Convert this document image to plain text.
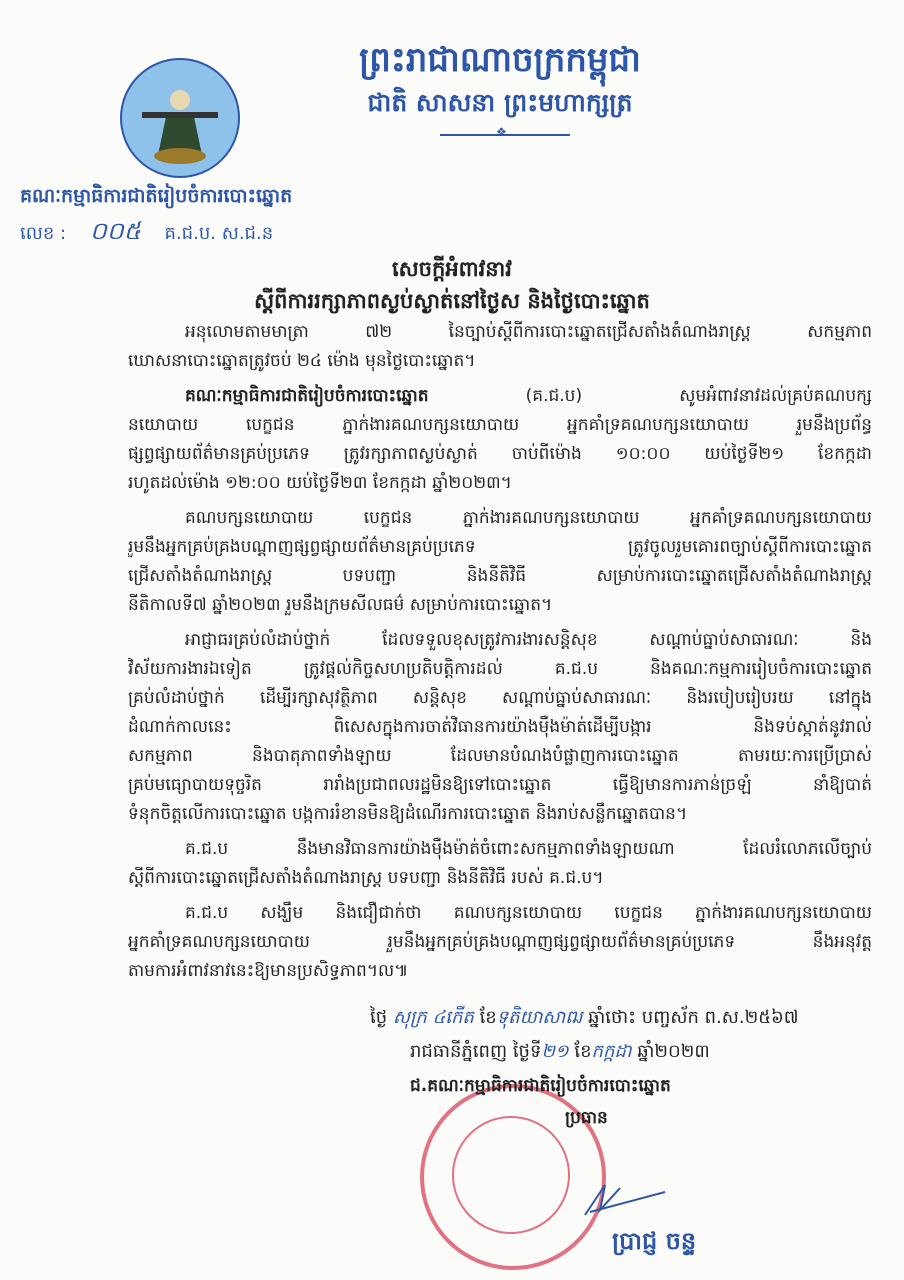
ព្រះរាជាណាចក្រកម្ពុជា
ជាតិ សាសនា ព្រះមហាក្សត្រ
❖
គណៈកម្មាធិការជាតិរៀបចំការបោះឆ្នោត
លេខ : ០០៥ គ.ជ.ប. ស.ជ.ន
សេចក្តីអំពាវនាវ
ស្តីពីការរក្សាភាពស្ងប់ស្ងាត់នៅថ្ងៃស និងថ្ងៃបោះឆ្នោត
អនុលោមតាមមាត្រា ៧២ នៃច្បាប់ស្តីពីការបោះឆ្នោតជ្រើសតាំងតំណាងរាស្ត្រ សកម្មភាព
ឃោសនាបោះឆ្នោតត្រូវចប់ ២៤ ម៉ោង មុនថ្ងៃបោះឆ្នោត។
គណៈកម្មាធិការជាតិរៀបចំការបោះឆ្នោត (គ.ជ.ប) សូមអំពាវនាវដល់គ្រប់គណបក្ស
នយោបាយ បេក្ខជន ភ្នាក់ងារគណបក្សនយោបាយ អ្នកគាំទ្រគណបក្សនយោបាយ រួមនឹងប្រព័ន្ធ
ផ្សព្វផ្សាយព័ត៌មានគ្រប់ប្រភេទ ត្រូវរក្សាភាពស្ងប់ស្ងាត់ ចាប់ពីម៉ោង ១០:០០ យប់ថ្ងៃទី២១ ខែកក្កដា
រហូតដល់ម៉ោង ១២:០០ យប់ថ្ងៃទី២៣ ខែកក្កដា ឆ្នាំ២០២៣។
គណបក្សនយោបាយ បេក្ខជន ភ្នាក់ងារគណបក្សនយោបាយ អ្នកគាំទ្រគណបក្សនយោបាយ
រួមនឹងអ្នកគ្រប់គ្រងបណ្តាញផ្សព្វផ្សាយព័ត៌មានគ្រប់ប្រភេទ ត្រូវចូលរួមគោរពច្បាប់ស្តីពីការបោះឆ្នោត
ជ្រើសតាំងតំណាងរាស្ត្រ បទបញ្ជា និងនីតិវិធី សម្រាប់ការបោះឆ្នោតជ្រើសតាំងតំណាងរាស្ត្រ
នីតិកាលទី៧ ឆ្នាំ២០២៣ រួមនឹងក្រមសីលធម៌ សម្រាប់ការបោះឆ្នោត។
អាជ្ញាធរគ្រប់លំដាប់ថ្នាក់ ដែលទទួលខុសត្រូវការងារសន្តិសុខ សណ្តាប់ធ្នាប់សាធារណៈ និង
វិស័យការងារឯទៀត ត្រូវផ្តល់កិច្ចសហប្រតិបត្តិការដល់ គ.ជ.ប និងគណៈកម្មការរៀបចំការបោះឆ្នោត
គ្រប់លំដាប់ថ្នាក់ ដើម្បីរក្សាសុវត្ថិភាព សន្តិសុខ សណ្តាប់ធ្នាប់សាធារណៈ និងរបៀបរៀបរយ នៅក្នុង
ដំណាក់កាលនេះ ពិសេសក្នុងការចាត់វិធានការយ៉ាងម៉ឺងម៉ាត់ដើម្បីបង្ការ និងទប់ស្កាត់នូវរាល់
សកម្មភាព និងបាតុភាពទាំងឡាយ ដែលមានបំណងបំផ្លាញការបោះឆ្នោត តាមរយៈការប្រើប្រាស់
គ្រប់មធ្យោបាយទុច្ចរិត រារាំងប្រជាពលរដ្ឋមិនឱ្យទៅបោះឆ្នោត ធ្វើឱ្យមានការភាន់ច្រឡំ នាំឱ្យបាត់
ទំនុកចិត្តលើការបោះឆ្នោត បង្កការរំខានមិនឱ្យដំណើរការបោះឆ្នោត និងរាប់សន្លឹកឆ្នោតបាន។
គ.ជ.ប នឹងមានវិធានការយ៉ាងម៉ឺងម៉ាត់ចំពោះសកម្មភាពទាំងឡាយណា ដែលរំលោភលើច្បាប់
ស្តីពីការបោះឆ្នោតជ្រើសតាំងតំណាងរាស្ត្រ បទបញ្ជា និងនីតិវិធី របស់ គ.ជ.ប។
គ.ជ.ប សង្ឃឹម និងជឿជាក់ថា គណបក្សនយោបាយ បេក្ខជន ភ្នាក់ងារគណបក្សនយោបាយ
អ្នកគាំទ្រគណបក្សនយោបាយ រួមនឹងអ្នកគ្រប់គ្រងបណ្តាញផ្សព្វផ្សាយព័ត៌មានគ្រប់ប្រភេទ នឹងអនុវត្ត
តាមការអំពាវនាវនេះឱ្យមានប្រសិទ្ធភាព។ល៕
ថ្ងៃ សុក្រ ៤កើត ខែទុតិយាសាឍ ឆ្នាំថោះ បញ្ចស័ក ព.ស.២៥៦៧
រាជធានីភ្នំពេញ ថ្ងៃទី២១ ខែកក្កដា ឆ្នាំ២០២៣
ជ.គណៈកម្មាធិការជាតិរៀបចំការបោះឆ្នោត
ប្រធាន
ប្រាជ្ញ ចន្ទ
